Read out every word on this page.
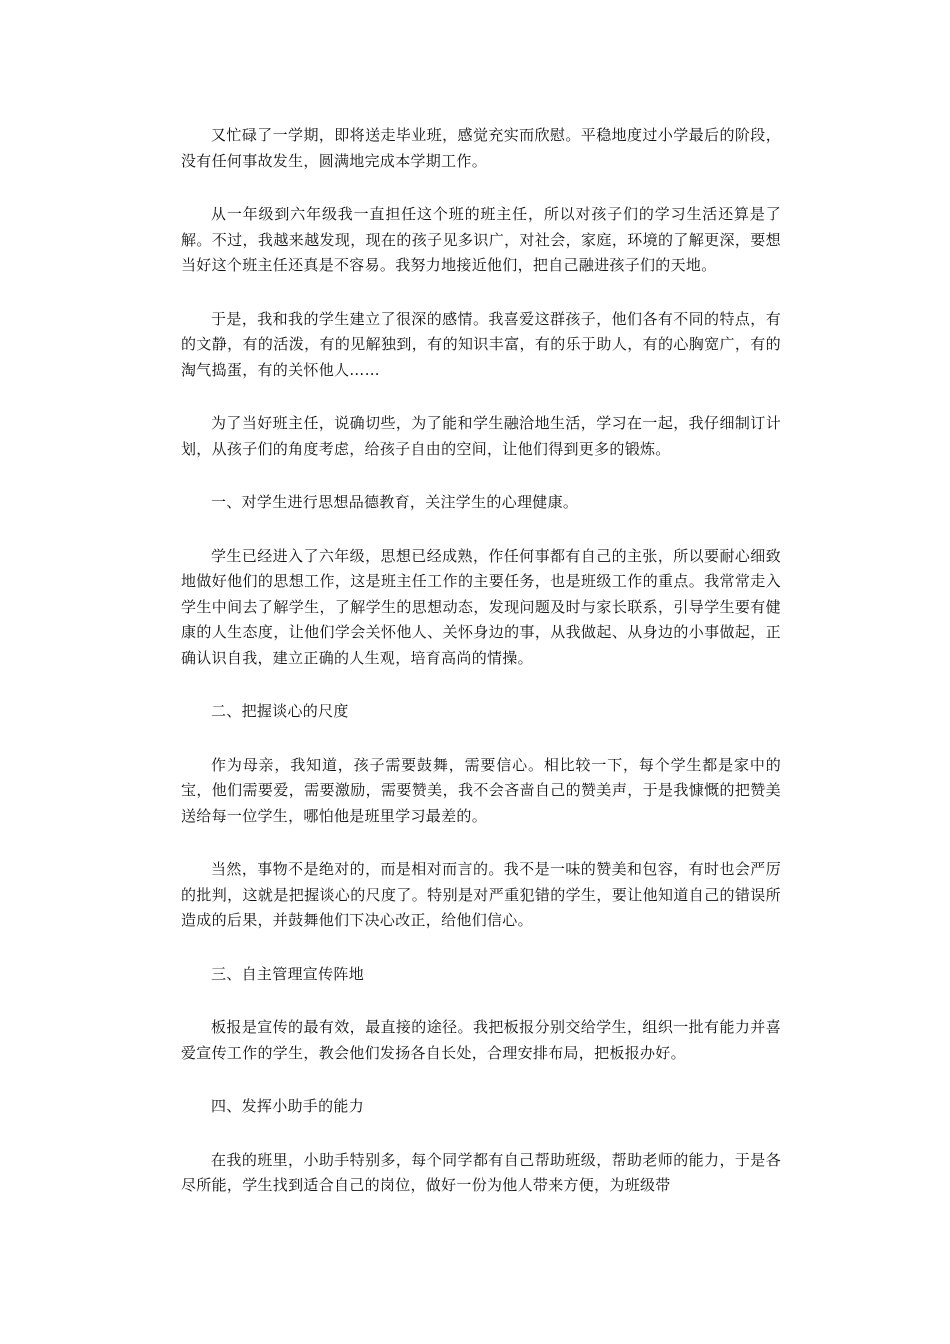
又忙碌了一学期，即将送走毕业班，感觉充实而欣慰。平稳地度过小学最后的阶段，没有任何事故发生，圆满地完成本学期工作。

从一年级到六年级我一直担任这个班的班主任，所以对孩子们的学习生活还算是了解。不过，我越来越发现，现在的孩子见多识广，对社会，家庭，环境的了解更深，要想当好这个班主任还真是不容易。我努力地接近他们，把自己融进孩子们的天地。

于是，我和我的学生建立了很深的感情。我喜爱这群孩子，他们各有不同的特点，有的文静，有的活泼，有的见解独到，有的知识丰富，有的乐于助人，有的心胸宽广，有的淘气捣蛋，有的关怀他人……

为了当好班主任，说确切些，为了能和学生融洽地生活，学习在一起，我仔细制订计划，从孩子们的角度考虑，给孩子自由的空间，让他们得到更多的锻炼。

一、对学生进行思想品德教育，关注学生的心理健康。

学生已经进入了六年级，思想已经成熟，作任何事都有自己的主张，所以要耐心细致地做好他们的思想工作，这是班主任工作的主要任务，也是班级工作的重点。我常常走入学生中间去了解学生，了解学生的思想动态，发现问题及时与家长联系，引导学生要有健康的人生态度，让他们学会关怀他人、关怀身边的事，从我做起、从身边的小事做起，正确认识自我，建立正确的人生观，培育高尚的情操。

二、把握谈心的尺度

作为母亲，我知道，孩子需要鼓舞，需要信心。相比较一下，每个学生都是家中的宝，他们需要爱，需要激励，需要赞美，我不会吝啬自己的赞美声，于是我慷慨的把赞美送给每一位学生，哪怕他是班里学习最差的。

当然，事物不是绝对的，而是相对而言的。我不是一味的赞美和包容，有时也会严厉的批判，这就是把握谈心的尺度了。特别是对严重犯错的学生，要让他知道自己的错误所造成的后果，并鼓舞他们下决心改正，给他们信心。

三、自主管理宣传阵地

板报是宣传的最有效，最直接的途径。我把板报分别交给学生，组织一批有能力并喜爱宣传工作的学生，教会他们发扬各自长处，合理安排布局，把板报办好。

四、发挥小助手的能力

在我的班里，小助手特别多，每个同学都有自己帮助班级，帮助老师的能力，于是各尽所能，学生找到适合自己的岗位，做好一份为他人带来方便，为班级带
